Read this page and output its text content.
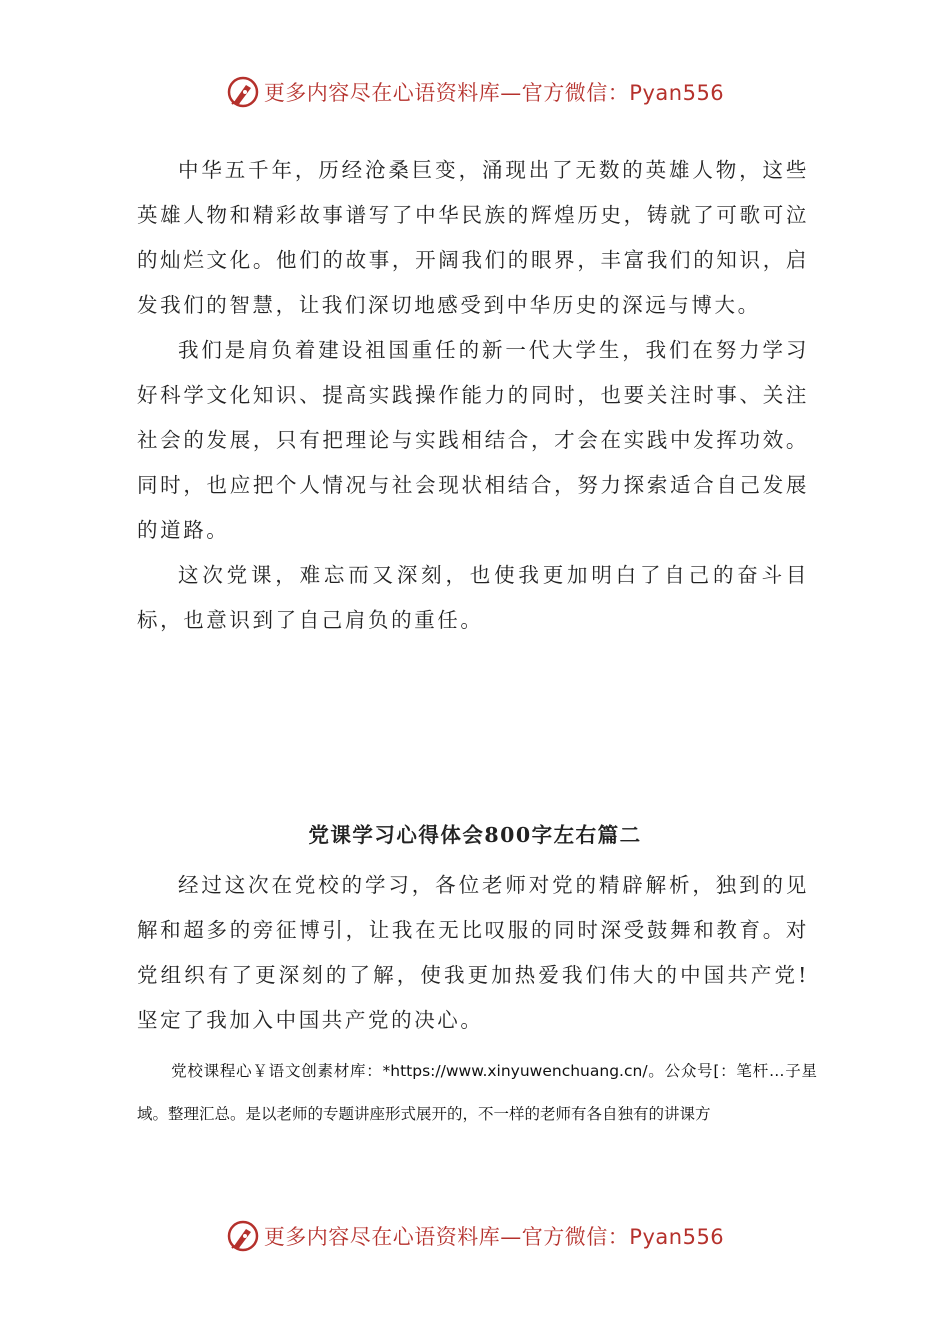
更多内容尽在心语资料库—官方微信：Pyan556

中华五千年，历经沧桑巨变，涌现出了无数的英雄人物，这些英雄人物和精彩故事谱写了中华民族的辉煌历史，铸就了可歌可泣的灿烂文化。他们的故事，开阔我们的眼界，丰富我们的知识，启发我们的智慧，让我们深切地感受到中华历史的深远与博大。

我们是肩负着建设祖国重任的新一代大学生，我们在努力学习好科学文化知识、提高实践操作能力的同时，也要关注时事、关注社会的发展，只有把理论与实践相结合，才会在实践中发挥功效。同时，也应把个人情况与社会现状相结合，努力探索适合自己发展的道路。

这次党课，难忘而又深刻，也使我更加明白了自己的奋斗目标，也意识到了自己肩负的重任。

党课学习心得体会800字左右篇二

经过这次在党校的学习，各位老师对党的精辟解析，独到的见解和超多的旁征博引，让我在无比叹服的同时深受鼓舞和教育。对党组织有了更深刻的了解，使我更加热爱我们伟大的中国共产党!坚定了我加入中国共产党的决心。

党校课程心￥语文创素材库：*https://www.xinyuwenchuang.cn/。公众号[：笔杆…子星域。整理汇总。是以老师的专题讲座形式展开的，不一样的老师有各自独有的讲课方

更多内容尽在心语资料库—官方微信：Pyan556
